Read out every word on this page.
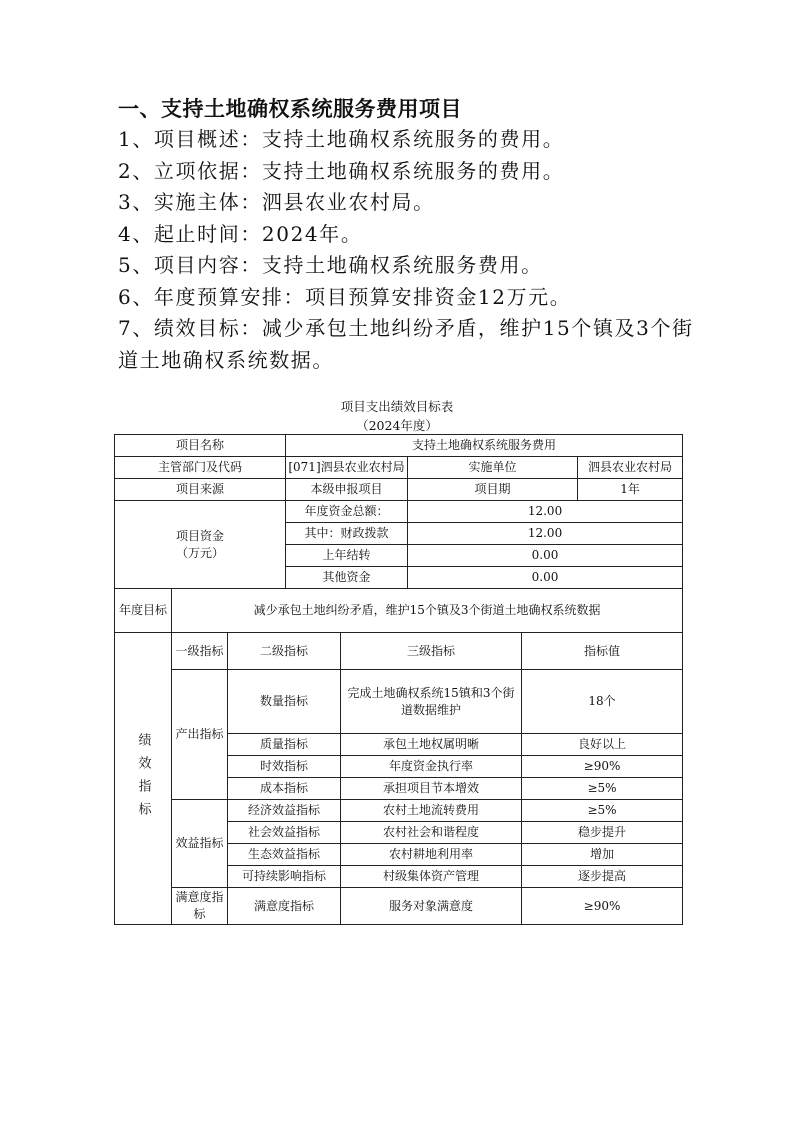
一、支持土地确权系统服务费用项目
1、项目概述：支持土地确权系统服务的费用。
2、立项依据：支持土地确权系统服务的费用。
3、实施主体：泗县农业农村局。
4、起止时间：2024年。
5、项目内容：支持土地确权系统服务费用。
6、年度预算安排：项目预算安排资金12万元。
7、绩效目标：减少承包土地纠纷矛盾，维护15个镇及3个街道土地确权系统数据。
项目支出绩效目标表
（2024年度）
项目名称			支持土地确权系统服务费用				
主管部门及代码			[071]泗县农业农村局		实施单位		泗县农业农村局
项目来源			本级申报项目		项目期		1年

项目资金
（万元）			年度资金总额：		12.00		
			其中：财政拨款		12.00		
			上年结转		0.00		
			其他资金		0.00		
年度目标	减少承包土地纠纷矛盾，维护15个镇及3个街道土地确权系统数据						
绩效指标	一级指标	二级指标		三级指标		指标值	
	产出指标	数量指标		完成土地确权系统15镇和3个街道数据维护		18个	
		质量指标		承包土地权属明晰		良好以上	
		时效指标		年度资金执行率		≥90%	
		成本指标		承担项目节本增效		≥5%	
	效益指标	经济效益指标		农村土地流转费用		≥5%	
		社会效益指标		农村社会和谐程度		稳步提升	
		生态效益指标		农村耕地利用率		增加	
		可持续影响指标		村级集体资产管理		逐步提高	
	满意度指标	满意度指标		服务对象满意度		≥90%	
